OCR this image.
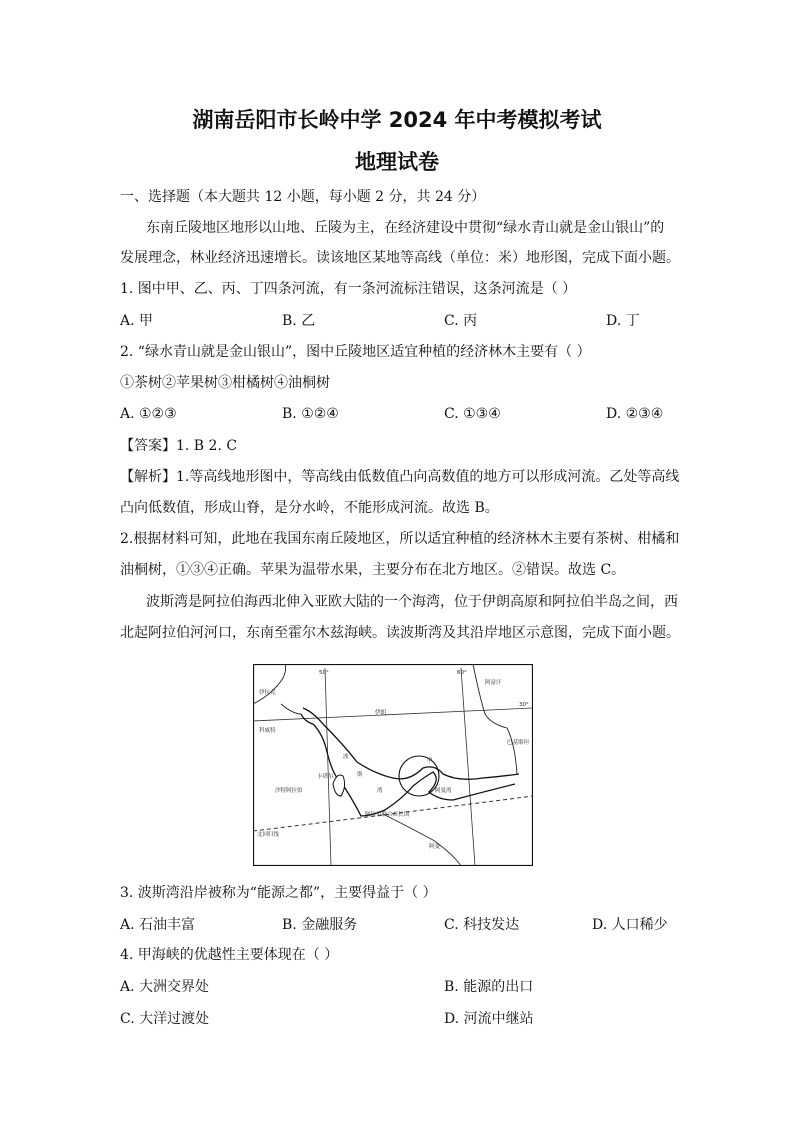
湖南岳阳市长岭中学 2024 年中考模拟考试
地理试卷
一、选择题（本大题共 12 小题，每小题 2 分，共 24 分）
东南丘陵地区地形以山地、丘陵为主，在经济建设中贯彻“绿水青山就是金山银山”的
发展理念，林业经济迅速增长。读该地区某地等高线（单位：米）地形图，完成下面小题。
1. 图中甲、乙、丙、丁四条河流，有一条河流标注错误，这条河流是（ ）
A. 甲	B. 乙	C. 丙	D. 丁
2. “绿水青山就是金山银山”，图中丘陵地区适宜种植的经济林木主要有（ ）
①茶树②苹果树③柑橘树④油桐树
A. ①②③	B. ①②④	C. ①③④	D. ②③④
【答案】1. B 2. C
【解析】1.等高线地形图中，等高线由低数值凸向高数值的地方可以形成河流。乙处等高线
凸向低数值，形成山脊，是分水岭，不能形成河流。故选 B。
2.根据材料可知，此地在我国东南丘陵地区，所以适宜种植的经济林木主要有茶树、柑橘和
油桐树，①③④正确。苹果为温带水果，主要分布在北方地区。②错误。故选 C。
波斯湾是阿拉伯海西北伸入亚欧大陆的一个海湾，位于伊朗高原和阿拉伯半岛之间，西
北起阿拉伯河河口，东南至霍尔木兹海峡。读波斯湾及其沿岸地区示意图，完成下面小题。
50°	60°
30°
伊拉克
科威特
伊朗
阿富汗
巴基斯坦
沙特阿拉伯
波
斯
湾
甲
阿曼湾
卡塔尔
阿拉伯联合酋长国
北回归线
阿曼
3. 波斯湾沿岸被称为“能源之都”，主要得益于（ ）
A. 石油丰富	B. 金融服务	C. 科技发达	D. 人口稀少
4. 甲海峡的优越性主要体现在（ ）
A. 大洲交界处	B. 能源的出口
C. 大洋过渡处	D. 河流中继站
